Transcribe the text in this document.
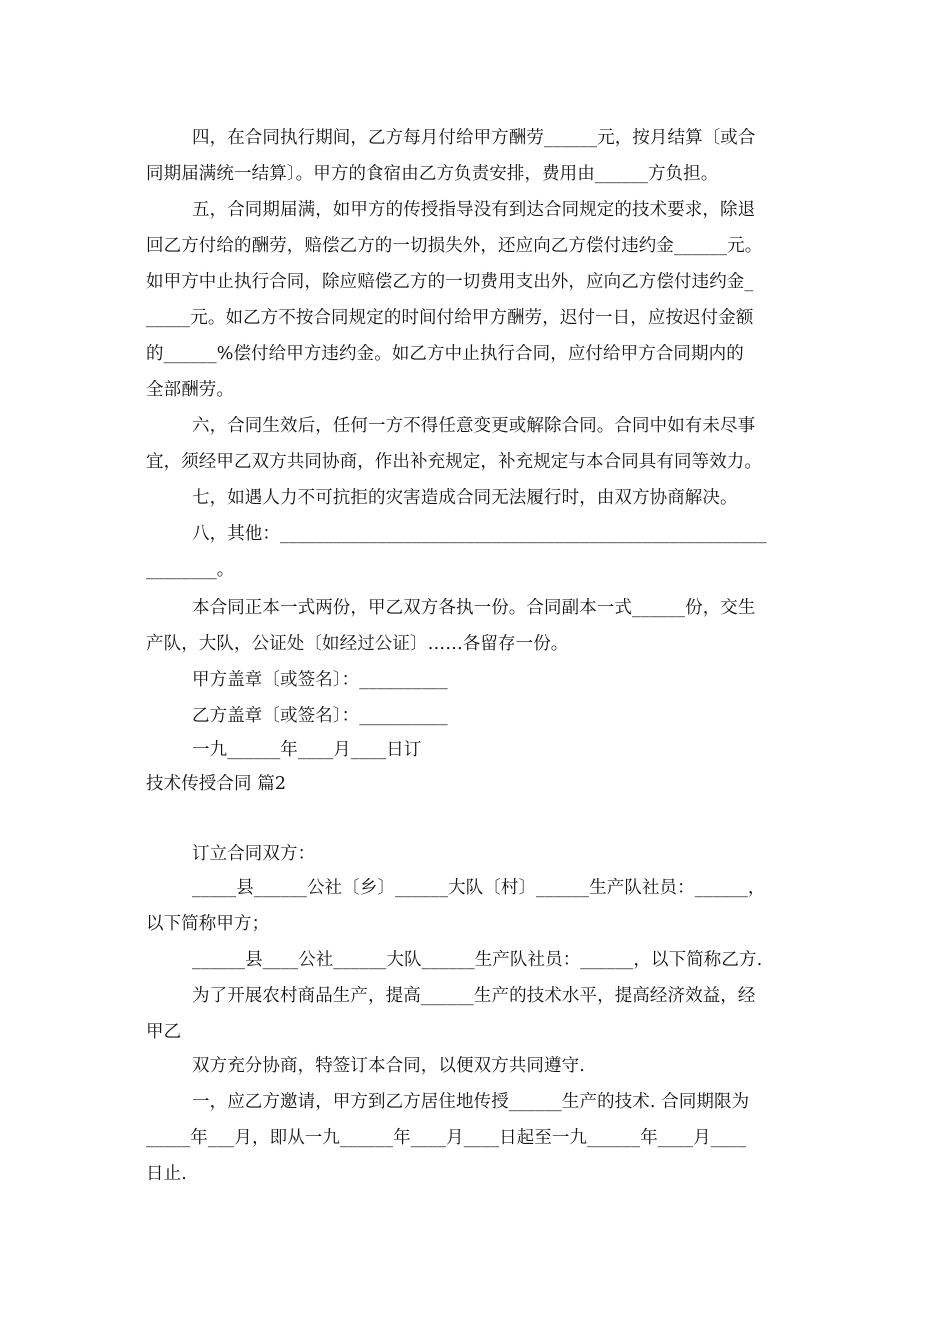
四，在合同执行期间，乙方每月付给甲方酬劳______元，按月结算〔或合
同期届满统一结算〕。甲方的食宿由乙方负责安排，费用由______方负担。
五，合同期届满，如甲方的传授指导没有到达合同规定的技术要求，除退
回乙方付给的酬劳，赔偿乙方的一切损失外，还应向乙方偿付违约金______元。
如甲方中止执行合同，除应赔偿乙方的一切费用支出外，应向乙方偿付违约金_
_____元。如乙方不按合同规定的时间付给甲方酬劳，迟付一日，应按迟付金额
的______%偿付给甲方违约金。如乙方中止执行合同，应付给甲方合同期内的
全部酬劳。
六，合同生效后，任何一方不得任意变更或解除合同。合同中如有未尽事
宜，须经甲乙双方共同协商，作出补充规定，补充规定与本合同具有同等效力。
七，如遇人力不可抗拒的灾害造成合同无法履行时，由双方协商解决。
八，其他：_______________________________________________________
________。
本合同正本一式两份，甲乙双方各执一份。合同副本一式______份，交生
产队，大队，公证处〔如经过公证〕……各留存一份。
甲方盖章〔或签名〕：__________
乙方盖章〔或签名〕：__________
一九______年____月____日订
技术传授合同 篇2
订立合同双方：
_____县______公社〔乡〕______大队〔村〕______生产队社员：______，
以下简称甲方；
______县____公社______大队______生产队社员：______，以下简称乙方.
为了开展农村商品生产，提高______生产的技术水平，提高经济效益，经
甲乙
双方充分协商，特签订本合同，以便双方共同遵守.
一，应乙方邀请，甲方到乙方居住地传授______生产的技术. 合同期限为
_____年___月，即从一九______年____月____日起至一九______年____月____
日止.
